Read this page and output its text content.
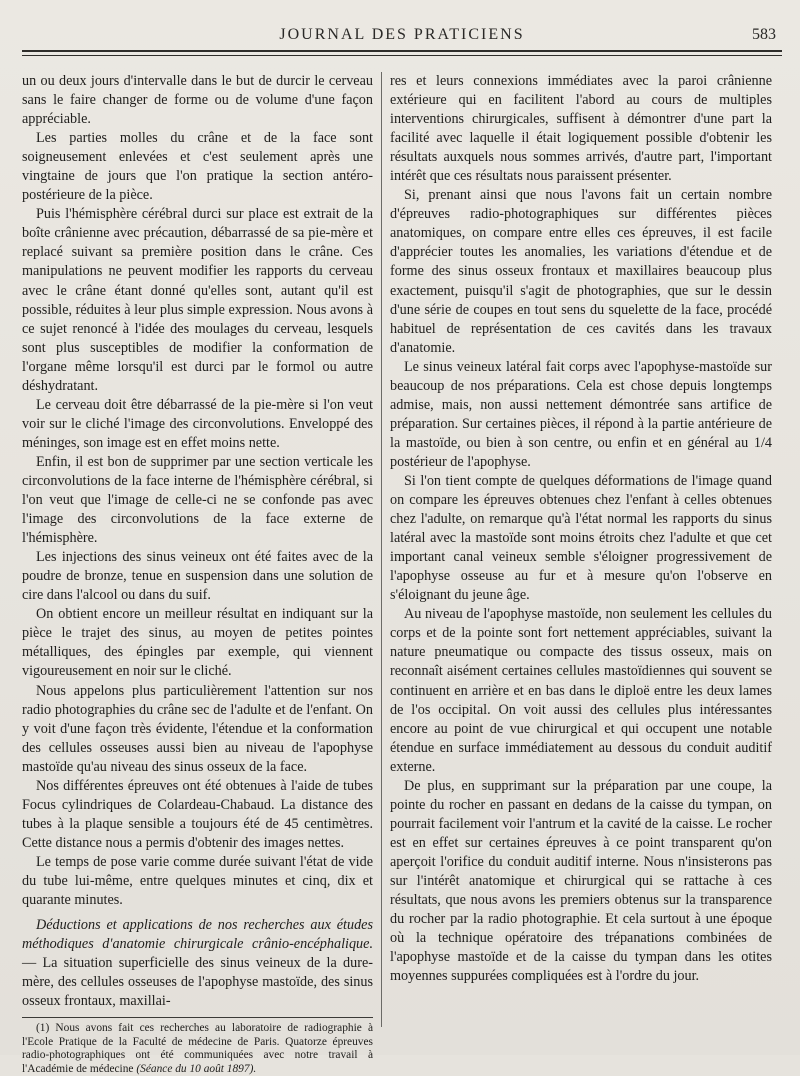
JOURNAL DES PRATICIENS	583

un ou deux jours d'intervalle dans le but de durcir le cerveau sans le faire changer de forme ou de volume d'une façon appréciable.

Les parties molles du crâne et de la face sont soigneusement enlevées et c'est seulement après une vingtaine de jours que l'on pratique la section antéro-postérieure de la pièce.

Puis l'hémisphère cérébral durci sur place est extrait de la boîte crânienne avec précaution, débarrassé de sa pie-mère et replacé suivant sa première position dans le crâne. Ces manipulations ne peuvent modifier les rapports du cerveau avec le crâne étant donné qu'elles sont, autant qu'il est possible, réduites à leur plus simple expression. Nous avons à ce sujet renoncé à l'idée des moulages du cerveau, lesquels sont plus susceptibles de modifier la conformation de l'organe même lorsqu'il est durci par le formol ou autre déshydratant.

Le cerveau doit être débarrassé de la pie-mère si l'on veut voir sur le cliché l'image des circonvolutions. Enveloppé des méninges, son image est en effet moins nette.

Enfin, il est bon de supprimer par une section verticale les circonvolutions de la face interne de l'hémisphère cérébral, si l'on veut que l'image de celle-ci ne se confonde pas avec l'image des circonvolutions de la face externe de l'hémisphère.

Les injections des sinus veineux ont été faites avec de la poudre de bronze, tenue en suspension dans une solution de cire dans l'alcool ou dans du suif.

On obtient encore un meilleur résultat en indiquant sur la pièce le trajet des sinus, au moyen de petites pointes métalliques, des épingles par exemple, qui viennent vigoureusement en noir sur le cliché.

Nous appelons plus particulièrement l'attention sur nos radio photographies du crâne sec de l'adulte et de l'enfant. On y voit d'une façon très évidente, l'étendue et la conformation des cellules osseuses aussi bien au niveau de l'apophyse mastoïde qu'au niveau des sinus osseux de la face.

Nos différentes épreuves ont été obtenues à l'aide de tubes Focus cylindriques de Colardeau-Chabaud. La distance des tubes à la plaque sensible a toujours été de 45 centimètres. Cette distance nous a permis d'obtenir des images nettes.

Le temps de pose varie comme durée suivant l'état de vide du tube lui-même, entre quelques minutes et cinq, dix et quarante minutes.

Déductions et applications de nos recherches aux études méthodiques d'anatomie chirurgicale crânio-encéphalique. — La situation superficielle des sinus veineux de la dure-mère, des cellules osseuses de l'apophyse mastoïde, des sinus osseux frontaux, maxillai-

(1) Nous avons fait ces recherches au laboratoire de radiographie à l'Ecole Pratique de la Faculté de médecine de Paris. Quatorze épreuves radio-photographiques ont été communiquées avec notre travail à l'Académie de médecine (Séance du 10 août 1897).

res et leurs connexions immédiates avec la paroi crânienne extérieure qui en facilitent l'abord au cours de multiples interventions chirurgicales, suffisent à démontrer d'une part la facilité avec laquelle il était logiquement possible d'obtenir les résultats auxquels nous sommes arrivés, d'autre part, l'important intérêt que ces résultats nous paraissent présenter.

Si, prenant ainsi que nous l'avons fait un certain nombre d'épreuves radio-photographiques sur différentes pièces anatomiques, on compare entre elles ces épreuves, il est facile d'apprécier toutes les anomalies, les variations d'étendue et de forme des sinus osseux frontaux et maxillaires beaucoup plus exactement, puisqu'il s'agit de photographies, que sur le dessin d'une série de coupes en tout sens du squelette de la face, procédé habituel de représentation de ces cavités dans les travaux d'anatomie.

Le sinus veineux latéral fait corps avec l'apophyse-mastoïde sur beaucoup de nos préparations. Cela est chose depuis longtemps admise, mais, non aussi nettement démontrée sans artifice de préparation. Sur certaines pièces, il répond à la partie antérieure de la mastoïde, ou bien à son centre, ou enfin et en général au 1/4 postérieur de l'apophyse.

Si l'on tient compte de quelques déformations de l'image quand on compare les épreuves obtenues chez l'enfant à celles obtenues chez l'adulte, on remarque qu'à l'état normal les rapports du sinus latéral avec la mastoïde sont moins étroits chez l'adulte et que cet important canal veineux semble s'éloigner progressivement de l'apophyse osseuse au fur et à mesure qu'on l'observe en s'éloignant du jeune âge.

Au niveau de l'apophyse mastoïde, non seulement les cellules du corps et de la pointe sont fort nettement appréciables, suivant la nature pneumatique ou compacte des tissus osseux, mais on reconnaît aisément certaines cellules mastoïdiennes qui souvent se continuent en arrière et en bas dans le diploë entre les deux lames de l'os occipital. On voit aussi des cellules plus intéressantes encore au point de vue chirurgical et qui occupent une notable étendue en surface immédiatement au dessous du conduit auditif externe.

De plus, en supprimant sur la préparation par une coupe, la pointe du rocher en passant en dedans de la caisse du tympan, on pourrait facilement voir l'antrum et la cavité de la caisse. Le rocher est en effet sur certaines épreuves à ce point transparent qu'on aperçoit l'orifice du conduit auditif interne. Nous n'insisterons pas sur l'intérêt anatomique et chirurgical qui se rattache à ces résultats, que nous avons les premiers obtenus sur la transparence du rocher par la radio photographie. Et cela surtout à une époque où la technique opératoire des trépanations combinées de l'apophyse mastoïde et de la caisse du tympan dans les otites moyennes suppurées compliquées est à l'ordre du jour.
